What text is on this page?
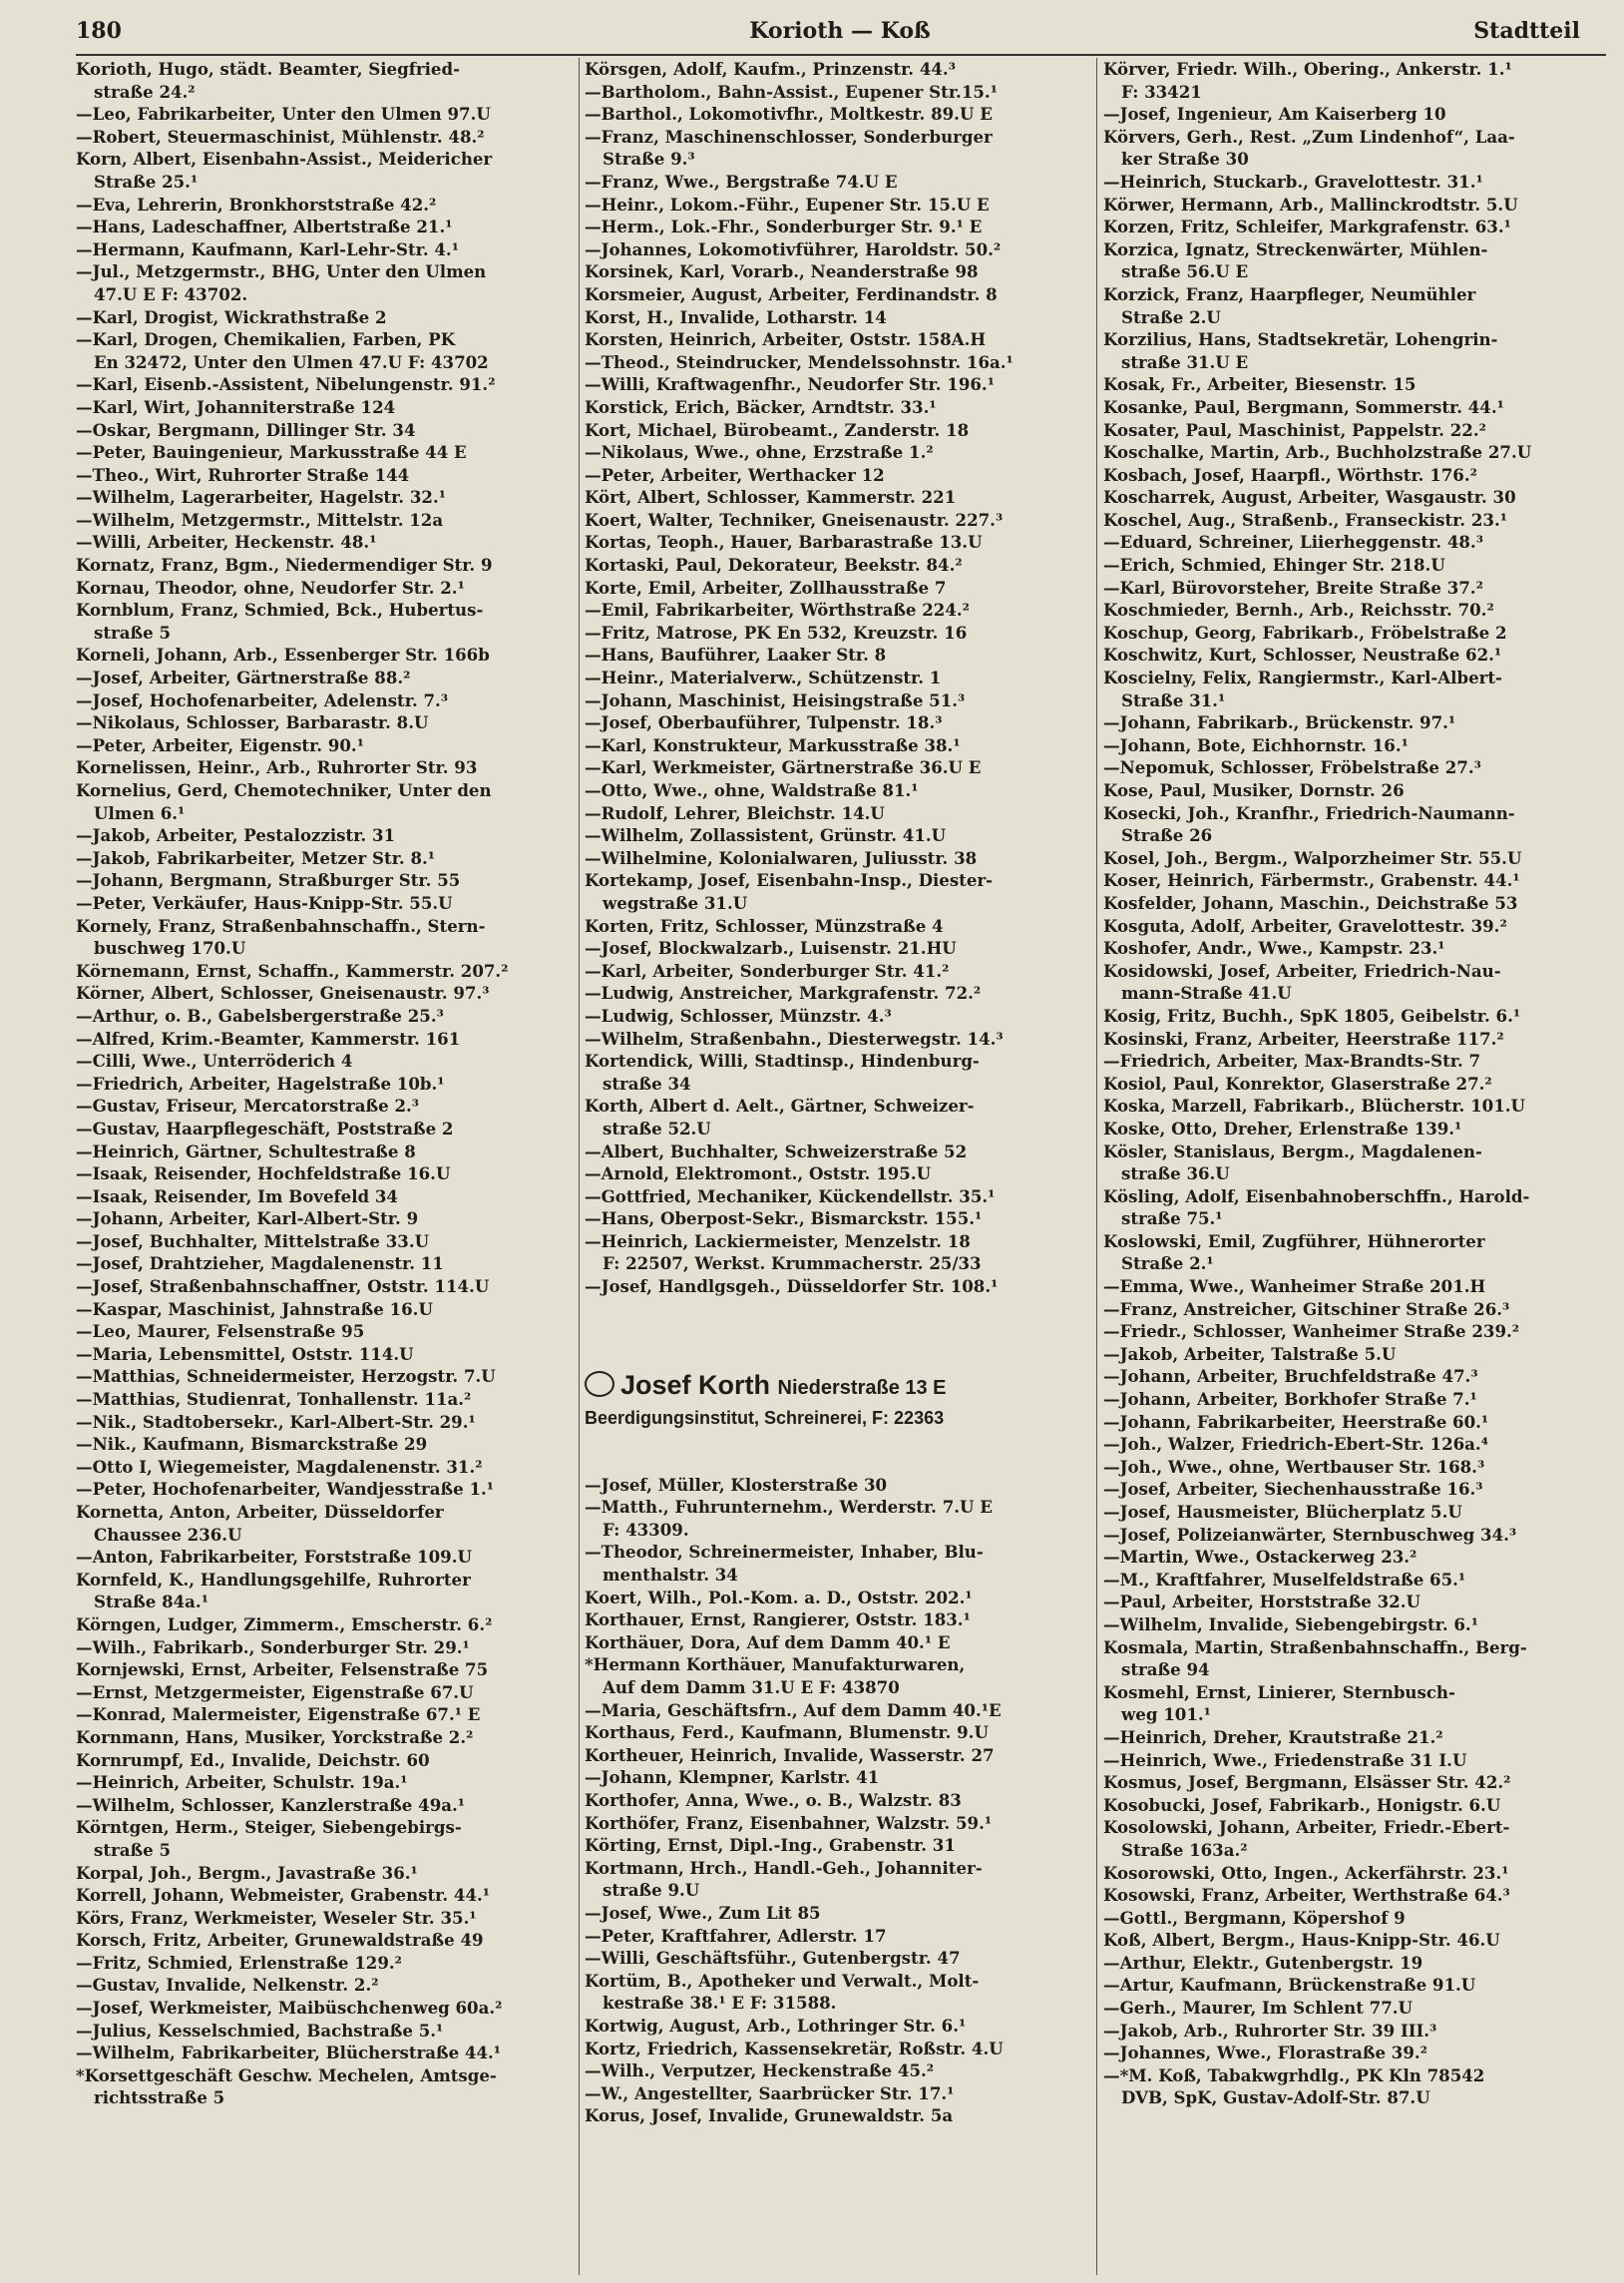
180	Korioth — Koß	Stadtteil
Korioth, Hugo, städt. Beamter, Siegfried-
straße 24.²
—Leo, Fabrikarbeiter, Unter den Ulmen 97.U
—Robert, Steuermaschinist, Mühlenstr. 48.²
Korn, Albert, Eisenbahn-Assist., Meidericher
Straße 25.¹
—Eva, Lehrerin, Bronkhorststraße 42.²
—Hans, Ladeschaffner, Albertstraße 21.¹
—Hermann, Kaufmann, Karl-Lehr-Str. 4.¹
—Jul., Metzgermstr., BHG, Unter den Ulmen
47.U E F: 43702.
—Karl, Drogist, Wickrathstraße 2
—Karl, Drogen, Chemikalien, Farben, PK
En 32472, Unter den Ulmen 47.U F: 43702
—Karl, Eisenb.-Assistent, Nibelungenstr. 91.²
—Karl, Wirt, Johanniterstraße 124
—Oskar, Bergmann, Dillinger Str. 34
—Peter, Bauingenieur, Markusstraße 44 E
—Theo., Wirt, Ruhrorter Straße 144
—Wilhelm, Lagerarbeiter, Hagelstr. 32.¹
—Wilhelm, Metzgermstr., Mittelstr. 12a
—Willi, Arbeiter, Heckenstr. 48.¹
Kornatz, Franz, Bgm., Niedermendiger Str. 9
Kornau, Theodor, ohne, Neudorfer Str. 2.¹
Kornblum, Franz, Schmied, Bck., Hubertus-
straße 5
Korneli, Johann, Arb., Essenberger Str. 166b
—Josef, Arbeiter, Gärtnerstraße 88.²
—Josef, Hochofenarbeiter, Adelenstr. 7.³
—Nikolaus, Schlosser, Barbarastr. 8.U
—Peter, Arbeiter, Eigenstr. 90.¹
Kornelissen, Heinr., Arb., Ruhrorter Str. 93
Kornelius, Gerd, Chemotechniker, Unter den
Ulmen 6.¹
—Jakob, Arbeiter, Pestalozzistr. 31
—Jakob, Fabrikarbeiter, Metzer Str. 8.¹
—Johann, Bergmann, Straßburger Str. 55
—Peter, Verkäufer, Haus-Knipp-Str. 55.U
Kornely, Franz, Straßenbahnschaffn., Stern-
buschweg 170.U
Körnemann, Ernst, Schaffn., Kammerstr. 207.²
Körner, Albert, Schlosser, Gneisenaustr. 97.³
—Arthur, o. B., Gabelsbergerstraße 25.³
—Alfred, Krim.-Beamter, Kammerstr. 161
—Cilli, Wwe., Unterröderich 4
—Friedrich, Arbeiter, Hagelstraße 10b.¹
—Gustav, Friseur, Mercatorstraße 2.³
—Gustav, Haarpflegeschäft, Poststraße 2
—Heinrich, Gärtner, Schultestraße 8
—Isaak, Reisender, Hochfeldstraße 16.U
—Isaak, Reisender, Im Bovefeld 34
—Johann, Arbeiter, Karl-Albert-Str. 9
—Josef, Buchhalter, Mittelstraße 33.U
—Josef, Drahtzieher, Magdalenenstr. 11
—Josef, Straßenbahnschaffner, Oststr. 114.U
—Kaspar, Maschinist, Jahnstraße 16.U
—Leo, Maurer, Felsenstraße 95
—Maria, Lebensmittel, Oststr. 114.U
—Matthias, Schneidermeister, Herzogstr. 7.U
—Matthias, Studienrat, Tonhallenstr. 11a.²
—Nik., Stadtobersekr., Karl-Albert-Str. 29.¹
—Nik., Kaufmann, Bismarckstraße 29
—Otto I, Wiegemeister, Magdalenenstr. 31.²
—Peter, Hochofenarbeiter, Wandjesstraße 1.¹
Kornetta, Anton, Arbeiter, Düsseldorfer
Chaussee 236.U
—Anton, Fabrikarbeiter, Forststraße 109.U
Kornfeld, K., Handlungsgehilfe, Ruhrorter
Straße 84a.¹
Körngen, Ludger, Zimmerm., Emscherstr. 6.²
—Wilh., Fabrikarb., Sonderburger Str. 29.¹
Kornjewski, Ernst, Arbeiter, Felsenstraße 75
—Ernst, Metzgermeister, Eigenstraße 67.U
—Konrad, Malermeister, Eigenstraße 67.¹ E
Kornmann, Hans, Musiker, Yorckstraße 2.²
Kornrumpf, Ed., Invalide, Deichstr. 60
—Heinrich, Arbeiter, Schulstr. 19a.¹
—Wilhelm, Schlosser, Kanzlerstraße 49a.¹
Körntgen, Herm., Steiger, Siebengebirgs-
straße 5
Korpal, Joh., Bergm., Javastraße 36.¹
Korrell, Johann, Webmeister, Grabenstr. 44.¹
Körs, Franz, Werkmeister, Weseler Str. 35.¹
Korsch, Fritz, Arbeiter, Grunewaldstraße 49
—Fritz, Schmied, Erlenstraße 129.²
—Gustav, Invalide, Nelkenstr. 2.²
—Josef, Werkmeister, Maibüschchenweg 60a.²
—Julius, Kesselschmied, Bachstraße 5.¹
—Wilhelm, Fabrikarbeiter, Blücherstraße 44.¹
*Korsettgeschäft Geschw. Mechelen, Amtsge-
richtsstraße 5
Körsgen, Adolf, Kaufm., Prinzenstr. 44.³
—Bartholom., Bahn-Assist., Eupener Str.15.¹
—Barthol., Lokomotivfhr., Moltkestr. 89.U E
—Franz, Maschinenschlosser, Sonderburger
Straße 9.³
—Franz, Wwe., Bergstraße 74.U E
—Heinr., Lokom.-Führ., Eupener Str. 15.U E
—Herm., Lok.-Fhr., Sonderburger Str. 9.¹ E
—Johannes, Lokomotivführer, Haroldstr. 50.²
Korsinek, Karl, Vorarb., Neanderstraße 98
Korsmeier, August, Arbeiter, Ferdinandstr. 8
Korst, H., Invalide, Lotharstr. 14
Korsten, Heinrich, Arbeiter, Oststr. 158A.H
—Theod., Steindrucker, Mendelssohnstr. 16a.¹
—Willi, Kraftwagenfhr., Neudorfer Str. 196.¹
Korstick, Erich, Bäcker, Arndtstr. 33.¹
Kort, Michael, Bürobeamt., Zanderstr. 18
—Nikolaus, Wwe., ohne, Erzstraße 1.²
—Peter, Arbeiter, Werthacker 12
Kört, Albert, Schlosser, Kammerstr. 221
Koert, Walter, Techniker, Gneisenaustr. 227.³
Kortas, Teoph., Hauer, Barbarastraße 13.U
Kortaski, Paul, Dekorateur, Beekstr. 84.²
Korte, Emil, Arbeiter, Zollhausstraße 7
—Emil, Fabrikarbeiter, Wörthstraße 224.²
—Fritz, Matrose, PK En 532, Kreuzstr. 16
—Hans, Bauführer, Laaker Str. 8
—Heinr., Materialverw., Schützenstr. 1
—Johann, Maschinist, Heisingstraße 51.³
—Josef, Oberbauführer, Tulpenstr. 18.³
—Karl, Konstrukteur, Markusstraße 38.¹
—Karl, Werkmeister, Gärtnerstraße 36.U E
—Otto, Wwe., ohne, Waldstraße 81.¹
—Rudolf, Lehrer, Bleichstr. 14.U
—Wilhelm, Zollassistent, Grünstr. 41.U
—Wilhelmine, Kolonialwaren, Juliusstr. 38
Kortekamp, Josef, Eisenbahn-Insp., Diester-
wegstraße 31.U
Korten, Fritz, Schlosser, Münzstraße 4
—Josef, Blockwalzarb., Luisenstr. 21.HU
—Karl, Arbeiter, Sonderburger Str. 41.²
—Ludwig, Anstreicher, Markgrafenstr. 72.²
—Ludwig, Schlosser, Münzstr. 4.³
—Wilhelm, Straßenbahn., Diesterwegstr. 14.³
Kortendick, Willi, Stadtinsp., Hindenburg-
straße 34
Korth, Albert d. Aelt., Gärtner, Schweizer-
straße 52.U
—Albert, Buchhalter, Schweizerstraße 52
—Arnold, Elektromont., Oststr. 195.U
—Gottfried, Mechaniker, Kückendellstr. 35.¹
—Hans, Oberpost-Sekr., Bismarckstr. 155.¹
—Heinrich, Lackiermeister, Menzelstr. 18
F: 22507, Werkst. Krummacherstr. 25/33
—Josef, Handlgsgeh., Düsseldorfer Str. 108.¹
Josef Korth Niederstraße 13 E
Beerdigungsinstitut, Schreinerei, F: 22363
—Josef, Müller, Klosterstraße 30
—Matth., Fuhrunternehm., Werderstr. 7.U E
F: 43309.
—Theodor, Schreinermeister, Inhaber, Blu-
menthalstr. 34
Koert, Wilh., Pol.-Kom. a. D., Oststr. 202.¹
Korthauer, Ernst, Rangierer, Oststr. 183.¹
Korthäuer, Dora, Auf dem Damm 40.¹ E
*Hermann Korthäuer, Manufakturwaren,
Auf dem Damm 31.U E F: 43870
—Maria, Geschäftsfrn., Auf dem Damm 40.¹E
Korthaus, Ferd., Kaufmann, Blumenstr. 9.U
Kortheuer, Heinrich, Invalide, Wasserstr. 27
—Johann, Klempner, Karlstr. 41
Korthofer, Anna, Wwe., o. B., Walzstr. 83
Korthöfer, Franz, Eisenbahner, Walzstr. 59.¹
Körting, Ernst, Dipl.-Ing., Grabenstr. 31
Kortmann, Hrch., Handl.-Geh., Johanniter-
straße 9.U
—Josef, Wwe., Zum Lit 85
—Peter, Kraftfahrer, Adlerstr. 17
—Willi, Geschäftsführ., Gutenbergstr. 47
Kortüm, B., Apotheker und Verwalt., Molt-
kestraße 38.¹ E F: 31588.
Kortwig, August, Arb., Lothringer Str. 6.¹
Kortz, Friedrich, Kassensekretär, Roßstr. 4.U
—Wilh., Verputzer, Heckenstraße 45.²
—W., Angestellter, Saarbrücker Str. 17.¹
Korus, Josef, Invalide, Grunewaldstr. 5a
Körver, Friedr. Wilh., Obering., Ankerstr. 1.¹
F: 33421
—Josef, Ingenieur, Am Kaiserberg 10
Körvers, Gerh., Rest. „Zum Lindenhof“, Laa-
ker Straße 30
—Heinrich, Stuckarb., Gravelottestr. 31.¹
Körwer, Hermann, Arb., Mallinckrodtstr. 5.U
Korzen, Fritz, Schleifer, Markgrafenstr. 63.¹
Korzica, Ignatz, Streckenwärter, Mühlen-
straße 56.U E
Korzick, Franz, Haarpfleger, Neumühler
Straße 2.U
Korzilius, Hans, Stadtsekretär, Lohengrin-
straße 31.U E
Kosak, Fr., Arbeiter, Biesenstr. 15
Kosanke, Paul, Bergmann, Sommerstr. 44.¹
Kosater, Paul, Maschinist, Pappelstr. 22.²
Koschalke, Martin, Arb., Buchholzstraße 27.U
Kosbach, Josef, Haarpfl., Wörthstr. 176.²
Koscharrek, August, Arbeiter, Wasgaustr. 30
Koschel, Aug., Straßenb., Franseckistr. 23.¹
—Eduard, Schreiner, Liierheggenstr. 48.³
—Erich, Schmied, Ehinger Str. 218.U
—Karl, Bürovorsteher, Breite Straße 37.²
Koschmieder, Bernh., Arb., Reichsstr. 70.²
Koschup, Georg, Fabrikarb., Fröbelstraße 2
Koschwitz, Kurt, Schlosser, Neustraße 62.¹
Koscielny, Felix, Rangiermstr., Karl-Albert-
Straße 31.¹
—Johann, Fabrikarb., Brückenstr. 97.¹
—Johann, Bote, Eichhornstr. 16.¹
—Nepomuk, Schlosser, Fröbelstraße 27.³
Kose, Paul, Musiker, Dornstr. 26
Kosecki, Joh., Kranfhr., Friedrich-Naumann-
Straße 26
Kosel, Joh., Bergm., Walporzheimer Str. 55.U
Koser, Heinrich, Färbermstr., Grabenstr. 44.¹
Kosfelder, Johann, Maschin., Deichstraße 53
Kosguta, Adolf, Arbeiter, Gravelottestr. 39.²
Koshofer, Andr., Wwe., Kampstr. 23.¹
Kosidowski, Josef, Arbeiter, Friedrich-Nau-
mann-Straße 41.U
Kosig, Fritz, Buchh., SpK 1805, Geibelstr. 6.¹
Kosinski, Franz, Arbeiter, Heerstraße 117.²
—Friedrich, Arbeiter, Max-Brandts-Str. 7
Kosiol, Paul, Konrektor, Glaserstraße 27.²
Koska, Marzell, Fabrikarb., Blücherstr. 101.U
Koske, Otto, Dreher, Erlenstraße 139.¹
Kösler, Stanislaus, Bergm., Magdalenen-
straße 36.U
Kösling, Adolf, Eisenbahnoberschffn., Harold-
straße 75.¹
Koslowski, Emil, Zugführer, Hühnerorter
Straße 2.¹
—Emma, Wwe., Wanheimer Straße 201.H
—Franz, Anstreicher, Gitschiner Straße 26.³
—Friedr., Schlosser, Wanheimer Straße 239.²
—Jakob, Arbeiter, Talstraße 5.U
—Johann, Arbeiter, Bruchfeldstraße 47.³
—Johann, Arbeiter, Borkhofer Straße 7.¹
—Johann, Fabrikarbeiter, Heerstraße 60.¹
—Joh., Walzer, Friedrich-Ebert-Str. 126a.⁴
—Joh., Wwe., ohne, Wertbauser Str. 168.³
—Josef, Arbeiter, Siechenhausstraße 16.³
—Josef, Hausmeister, Blücherplatz 5.U
—Josef, Polizeianwärter, Sternbuschweg 34.³
—Martin, Wwe., Ostackerweg 23.²
—M., Kraftfahrer, Muselfeldstraße 65.¹
—Paul, Arbeiter, Horststraße 32.U
—Wilhelm, Invalide, Siebengebirgstr. 6.¹
Kosmala, Martin, Straßenbahnschaffn., Berg-
straße 94
Kosmehl, Ernst, Linierer, Sternbusch-
weg 101.¹
—Heinrich, Dreher, Krautstraße 21.²
—Heinrich, Wwe., Friedenstraße 31 I.U
Kosmus, Josef, Bergmann, Elsässer Str. 42.²
Kosobucki, Josef, Fabrikarb., Honigstr. 6.U
Kosolowski, Johann, Arbeiter, Friedr.-Ebert-
Straße 163a.²
Kosorowski, Otto, Ingen., Ackerfährstr. 23.¹
Kosowski, Franz, Arbeiter, Werthstraße 64.³
—Gottl., Bergmann, Köpershof 9
Koß, Albert, Bergm., Haus-Knipp-Str. 46.U
—Arthur, Elektr., Gutenbergstr. 19
—Artur, Kaufmann, Brückenstraße 91.U
—Gerh., Maurer, Im Schlent 77.U
—Jakob, Arb., Ruhrorter Str. 39 III.³
—Johannes, Wwe., Florastraße 39.²
—*M. Koß, Tabakwgrhdlg., PK Kln 78542
DVB, SpK, Gustav-Adolf-Str. 87.U
